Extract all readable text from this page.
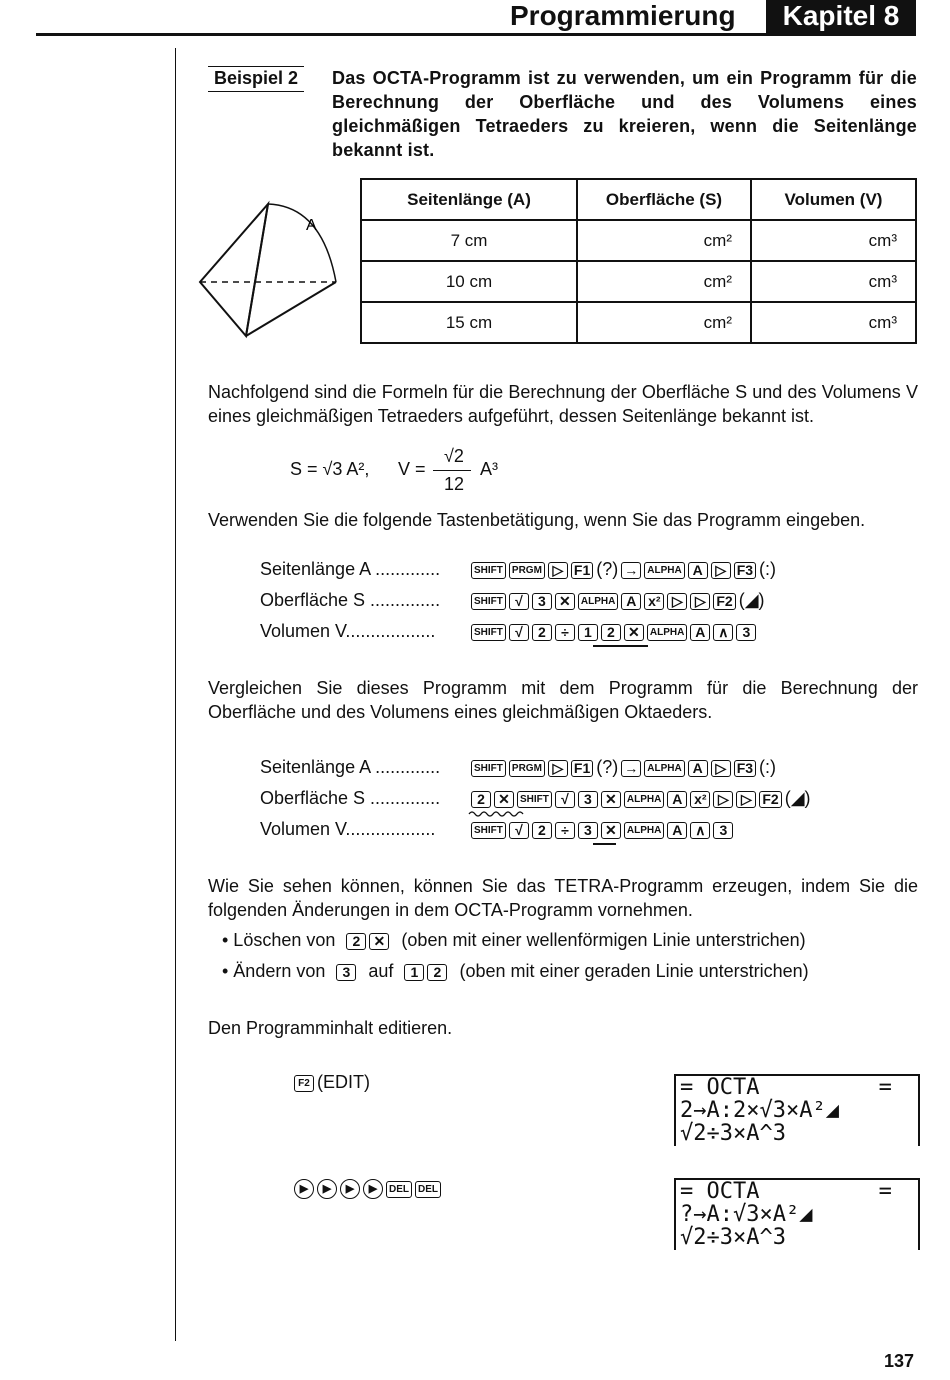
Programmierung	Kapitel 8
Beispiel 2	Das OCTA-Programm ist zu verwenden, um ein Programm für die Berechnung der Oberfläche und des Volumens eines gleichmäßigen Tetraeders zu kreieren, wenn die Seitenlänge bekannt ist.
A
Seitenlänge (A)	Oberfläche (S)	Volumen (V)
7 cm	cm²	cm³
10 cm	cm²	cm³
15 cm	cm²	cm³
Nachfolgend sind die Formeln für die Berechnung der Oberfläche S und des Volumens V eines gleichmäßigen Tetraeders aufgeführt, dessen Seitenlänge bekannt ist.
S = √3 A², V =
√2
12
A³
Verwenden Sie die folgende Tastenbetätigung, wenn Sie das Programm eingeben.
Seitenlänge A .............	SHIFT PRGM ▷ F1 (?) → ALPHA A ▷ F3 (:)
Oberfläche S ..............	SHIFT √ 3 ✕ ALPHA A x² ▷ ▷ F2 (◢)
Volumen V..................	SHIFT √ 2 ÷ 1 2 ✕ ALPHA A ∧ 3
Vergleichen Sie dieses Programm mit dem Programm für die Berechnung der Oberfläche und des Volumens eines gleichmäßigen Oktaeders.
Seitenlänge A .............	SHIFT PRGM ▷ F1 (?) → ALPHA A ▷ F3 (:)
Oberfläche S ..............	2 ✕ SHIFT √ 3 ✕ ALPHA A x² ▷ ▷ F2 (◢)
Volumen V..................	SHIFT √ 2 ÷ 3 ✕ ALPHA A ∧ 3
Wie Sie sehen können, können Sie das TETRA-Programm erzeugen, indem Sie die folgenden Änderungen in dem OCTA-Programm vornehmen.
• Löschen von 2 ✕ (oben mit einer wellenförmigen Linie unterstrichen)
• Ändern von 3 auf 1 2 (oben mit einer geraden Linie unterstrichen)
Den Programminhalt editieren.
F2 (EDIT)	= OCTA         =
2→A:2×√3×A²◢
√2÷3×A^3
▶ ▶ ▶ ▶ DEL DEL	= OCTA         =
?→A:√3×A²◢
√2÷3×A^3
137
